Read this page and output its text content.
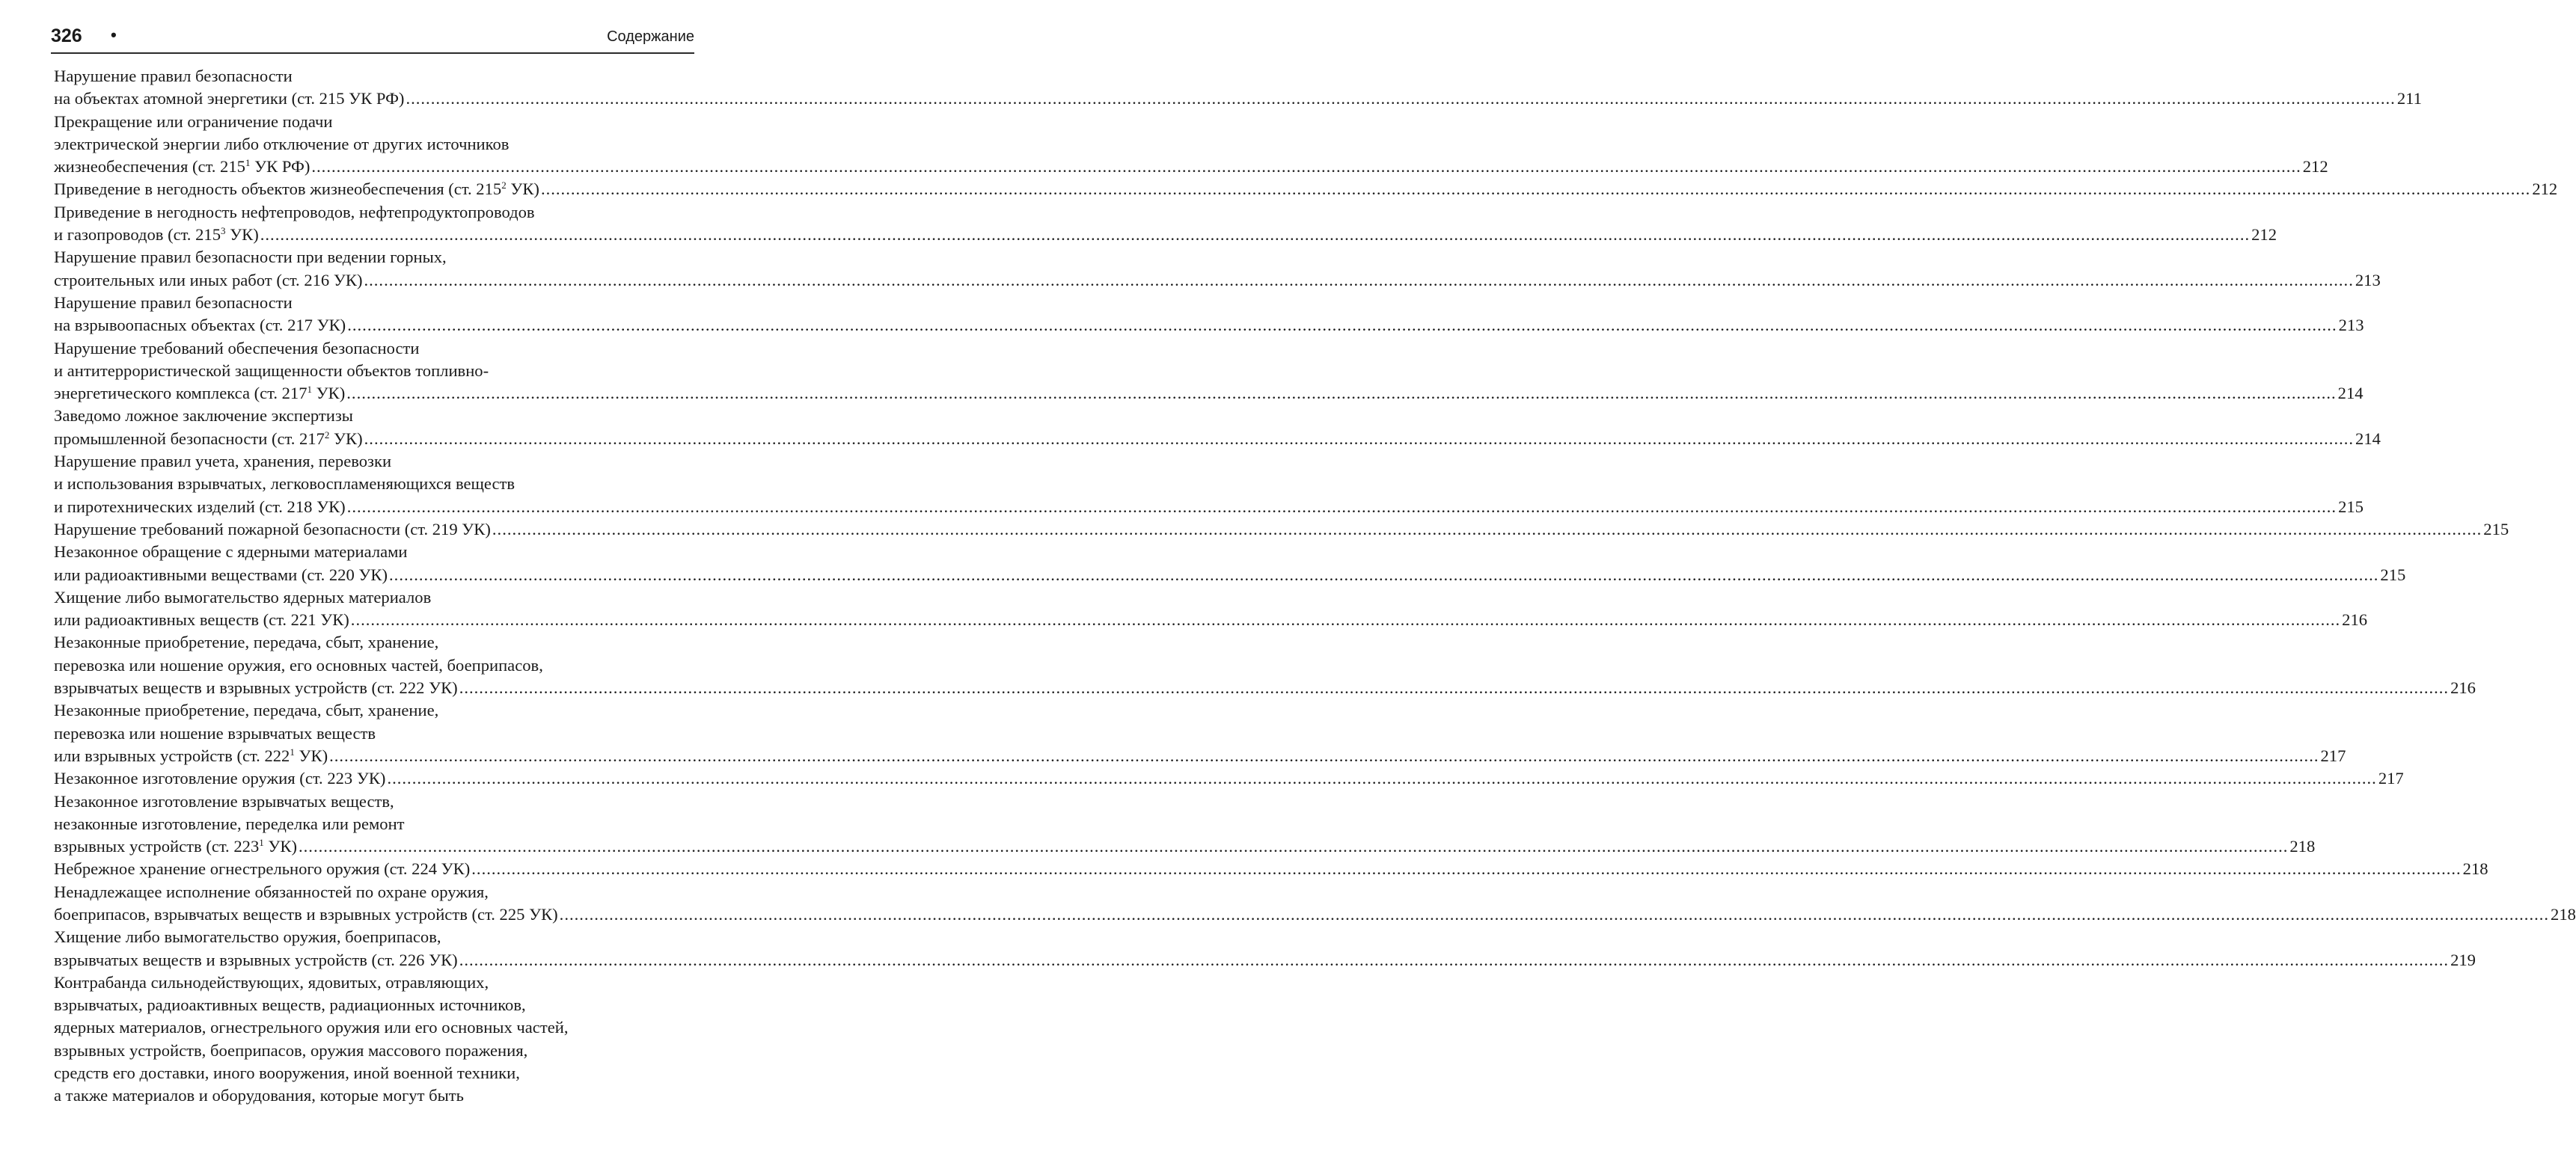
326 •	Содержание
Нарушение правил безопасности
на объектах атомной энергетики (ст. 215 УК РФ) ................................................................................................................................................................................................................................................................................................................................................................................................................ 211
Прекращение или ограничение подачи
электрической энергии либо отключение от других источников
жизнеобеспечения (ст. $215^1$ УК РФ) ................................................................................................................................................................................................................................................................................................................................................................................................................ 212
Приведение в негодность объектов жизнеобеспечения (ст. $215^2$ УК) ................................................................................................................................................................................................................................................................................................................................................................................................................ 212
Приведение в негодность нефтепроводов, нефтепродуктопроводов
и газопроводов (ст. $215^3$ УК) ................................................................................................................................................................................................................................................................................................................................................................................................................ 212
Нарушение правил безопасности при ведении горных,
строительных или иных работ (ст. 216 УК) ................................................................................................................................................................................................................................................................................................................................................................................................................ 213
Нарушение правил безопасности
на взрывоопасных объектах (ст. 217 УК) ................................................................................................................................................................................................................................................................................................................................................................................................................ 213
Нарушение требований обеспечения безопасности
и антитеррористической защищенности объектов топливно-
энергетического комплекса (ст. $217^1$ УК) ................................................................................................................................................................................................................................................................................................................................................................................................................ 214
Заведомо ложное заключение экспертизы
промышленной безопасности (ст. $217^2$ УК) ................................................................................................................................................................................................................................................................................................................................................................................................................ 214
Нарушение правил учета, хранения, перевозки
и использования взрывчатых, легковоспламеняющихся веществ
и пиротехнических изделий (ст. 218 УК) ................................................................................................................................................................................................................................................................................................................................................................................................................ 215
Нарушение требований пожарной безопасности (ст. 219 УК) ................................................................................................................................................................................................................................................................................................................................................................................................................ 215
Незаконное обращение с ядерными материалами
или радиоактивными веществами (ст. 220 УК) ................................................................................................................................................................................................................................................................................................................................................................................................................ 215
Хищение либо вымогательство ядерных материалов
или радиоактивных веществ (ст. 221 УК) ................................................................................................................................................................................................................................................................................................................................................................................................................ 216
Незаконные приобретение, передача, сбыт, хранение,
перевозка или ношение оружия, его основных частей, боеприпасов,
взрывчатых веществ и взрывных устройств (ст. 222 УК) ................................................................................................................................................................................................................................................................................................................................................................................................................ 216
Незаконные приобретение, передача, сбыт, хранение,
перевозка или ношение взрывчатых веществ
или взрывных устройств (ст. $222^1$ УК) ................................................................................................................................................................................................................................................................................................................................................................................................................ 217
Незаконное изготовление оружия (ст. 223 УК) ................................................................................................................................................................................................................................................................................................................................................................................................................ 217
Незаконное изготовление взрывчатых веществ,
незаконные изготовление, переделка или ремонт
взрывных устройств (ст. $223^1$ УК) ................................................................................................................................................................................................................................................................................................................................................................................................................ 218
Небрежное хранение огнестрельного оружия (ст. 224 УК) ................................................................................................................................................................................................................................................................................................................................................................................................................ 218
Ненадлежащее исполнение обязанностей по охране оружия,
боеприпасов, взрывчатых веществ и взрывных устройств (ст. 225 УК) ................................................................................................................................................................................................................................................................................................................................................................................................................ 218
Хищение либо вымогательство оружия, боеприпасов,
взрывчатых веществ и взрывных устройств (ст. 226 УК) ................................................................................................................................................................................................................................................................................................................................................................................................................ 219
Контрабанда сильнодействующих, ядовитых, отравляющих,
взрывчатых, радиоактивных веществ, радиационных источников,
ядерных материалов, огнестрельного оружия или его основных частей,
взрывных устройств, боеприпасов, оружия массового поражения,
средств его доставки, иного вооружения, иной военной техники,
а также материалов и оборудования, которые могут быть
